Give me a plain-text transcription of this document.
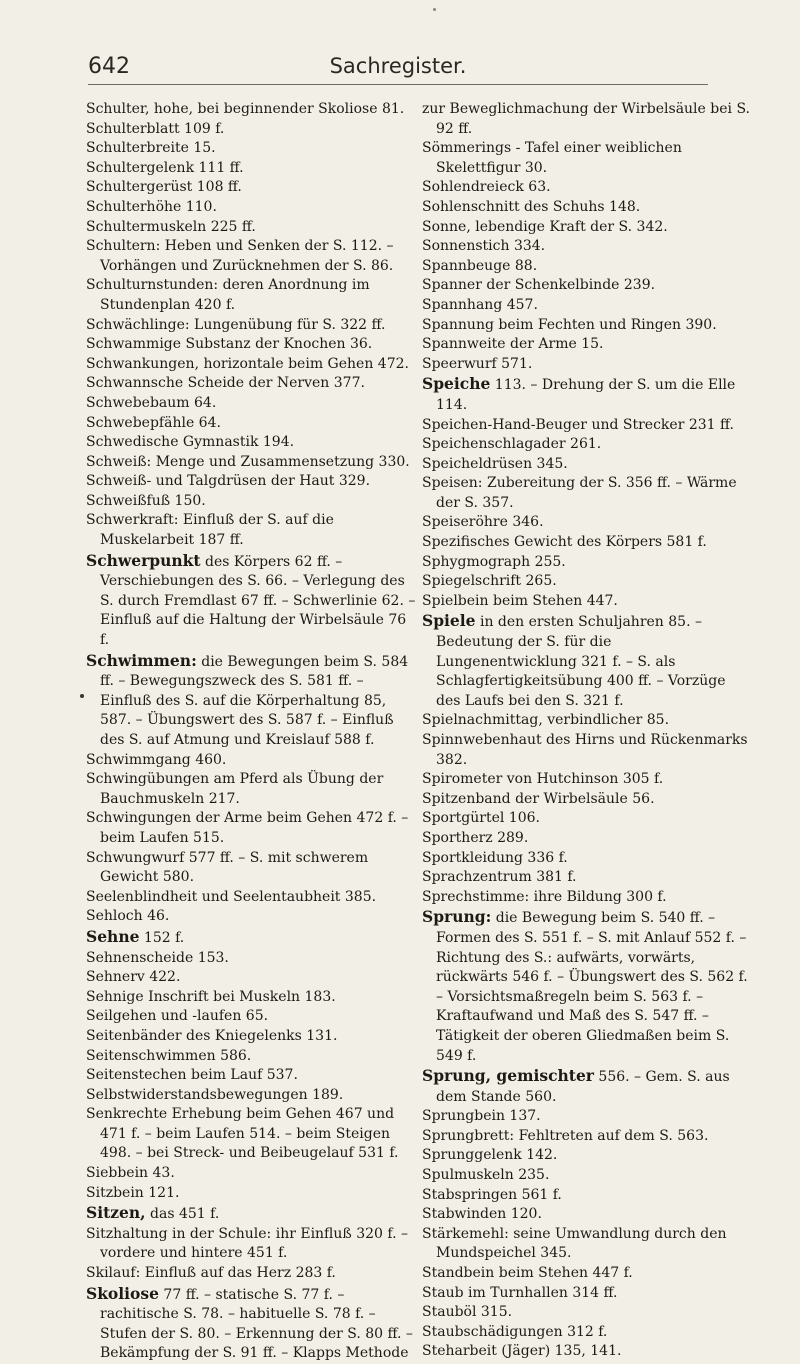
642	Sachregister.
Schulter, hohe, bei beginnender Skoliose 81.
Schulterblatt 109 f.
Schulterbreite 15.
Schultergelenk 111 ff.
Schultergerüst 108 ff.
Schulterhöhe 110.
Schultermuskeln 225 ff.
Schultern: Heben und Senken der S. 112. – Vorhängen und Zurücknehmen der S. 86.
Schulturnstunden: deren Anordnung im Stundenplan 420 f.
Schwächlinge: Lungenübung für S. 322 ff.
Schwammige Substanz der Knochen 36.
Schwankungen, horizontale beim Gehen 472.
Schwannsche Scheide der Nerven 377.
Schwebebaum 64.
Schwebepfähle 64.
Schwedische Gymnastik 194.
Schweiß: Menge und Zusammensetzung 330.
Schweiß- und Talgdrüsen der Haut 329.
Schweißfuß 150.
Schwerkraft: Einfluß der S. auf die Muskelarbeit 187 ff.
Schwerpunkt des Körpers 62 ff. – Verschiebungen des S. 66. – Verlegung des S. durch Fremdlast 67 ff. – Schwerlinie 62. – Einfluß auf die Haltung der Wirbelsäule 76 f.
Schwimmen: die Bewegungen beim S. 584 ff. – Bewegungszweck des S. 581 ff. – Einfluß des S. auf die Körperhaltung 85, 587. – Übungswert des S. 587 f. – Einfluß des S. auf Atmung und Kreislauf 588 f.
Schwimmgang 460.
Schwingübungen am Pferd als Übung der Bauchmuskeln 217.
Schwingungen der Arme beim Gehen 472 f. – beim Laufen 515.
Schwungwurf 577 ff. – S. mit schwerem Gewicht 580.
Seelenblindheit und Seelentaubheit 385.
Sehloch 46.
Sehne 152 f.
Sehnenscheide 153.
Sehnerv 422.
Sehnige Inschrift bei Muskeln 183.
Seilgehen und -laufen 65.
Seitenbänder des Kniegelenks 131.
Seitenschwimmen 586.
Seitenstechen beim Lauf 537.
Selbstwiderstandsbewegungen 189.
Senkrechte Erhebung beim Gehen 467 und 471 f. – beim Laufen 514. – beim Steigen 498. – bei Streck- und Beibeugelauf 531 f.
Siebbein 43.
Sitzbein 121.
Sitzen, das 451 f.
Sitzhaltung in der Schule: ihr Einfluß 320 f. – vordere und hintere 451 f.
Skilauf: Einfluß auf das Herz 283 f.
Skoliose 77 ff. – statische S. 77 f. – rachitische S. 78. – habituelle S. 78 f. – Stufen der S. 80. – Erkennung der S. 80 ff. – Bekämpfung der S. 91 ff. – Klapps Methode
zur Beweglichmachung der Wirbelsäule bei S. 92 ff.
Sömmerings - Tafel einer weiblichen Skelettfigur 30.
Sohlendreieck 63.
Sohlenschnitt des Schuhs 148.
Sonne, lebendige Kraft der S. 342.
Sonnenstich 334.
Spannbeuge 88.
Spanner der Schenkelbinde 239.
Spannhang 457.
Spannung beim Fechten und Ringen 390.
Spannweite der Arme 15.
Speerwurf 571.
Speiche 113. – Drehung der S. um die Elle 114.
Speichen-Hand-Beuger und Strecker 231 ff.
Speichenschlagader 261.
Speicheldrüsen 345.
Speisen: Zubereitung der S. 356 ff. – Wärme der S. 357.
Speiseröhre 346.
Spezifisches Gewicht des Körpers 581 f.
Sphygmograph 255.
Spiegelschrift 265.
Spielbein beim Stehen 447.
Spiele in den ersten Schuljahren 85. – Bedeutung der S. für die Lungenentwicklung 321 f. – S. als Schlagfertigkeitsübung 400 ff. – Vorzüge des Laufs bei den S. 321 f.
Spielnachmittag, verbindlicher 85.
Spinnwebenhaut des Hirns und Rückenmarks 382.
Spirometer von Hutchinson 305 f.
Spitzenband der Wirbelsäule 56.
Sportgürtel 106.
Sportherz 289.
Sportkleidung 336 f.
Sprachzentrum 381 f.
Sprechstimme: ihre Bildung 300 f.
Sprung: die Bewegung beim S. 540 ff. – Formen des S. 551 f. – S. mit Anlauf 552 f. – Richtung des S.: aufwärts, vorwärts, rückwärts 546 f. – Übungswert des S. 562 f. – Vorsichtsmaßregeln beim S. 563 f. – Kraftaufwand und Maß des S. 547 ff. – Tätigkeit der oberen Gliedmaßen beim S. 549 f.
Sprung, gemischter 556. – Gem. S. aus dem Stande 560.
Sprungbein 137.
Sprungbrett: Fehltreten auf dem S. 563.
Sprunggelenk 142.
Spulmuskeln 235.
Stabspringen 561 f.
Stabwinden 120.
Stärkemehl: seine Umwandlung durch den Mundspeichel 345.
Standbein beim Stehen 447 f.
Staub im Turnhallen 314 ff.
Stauböl 315.
Staubschädigungen 312 f.
Steharbeit (Jäger) 135, 141.
